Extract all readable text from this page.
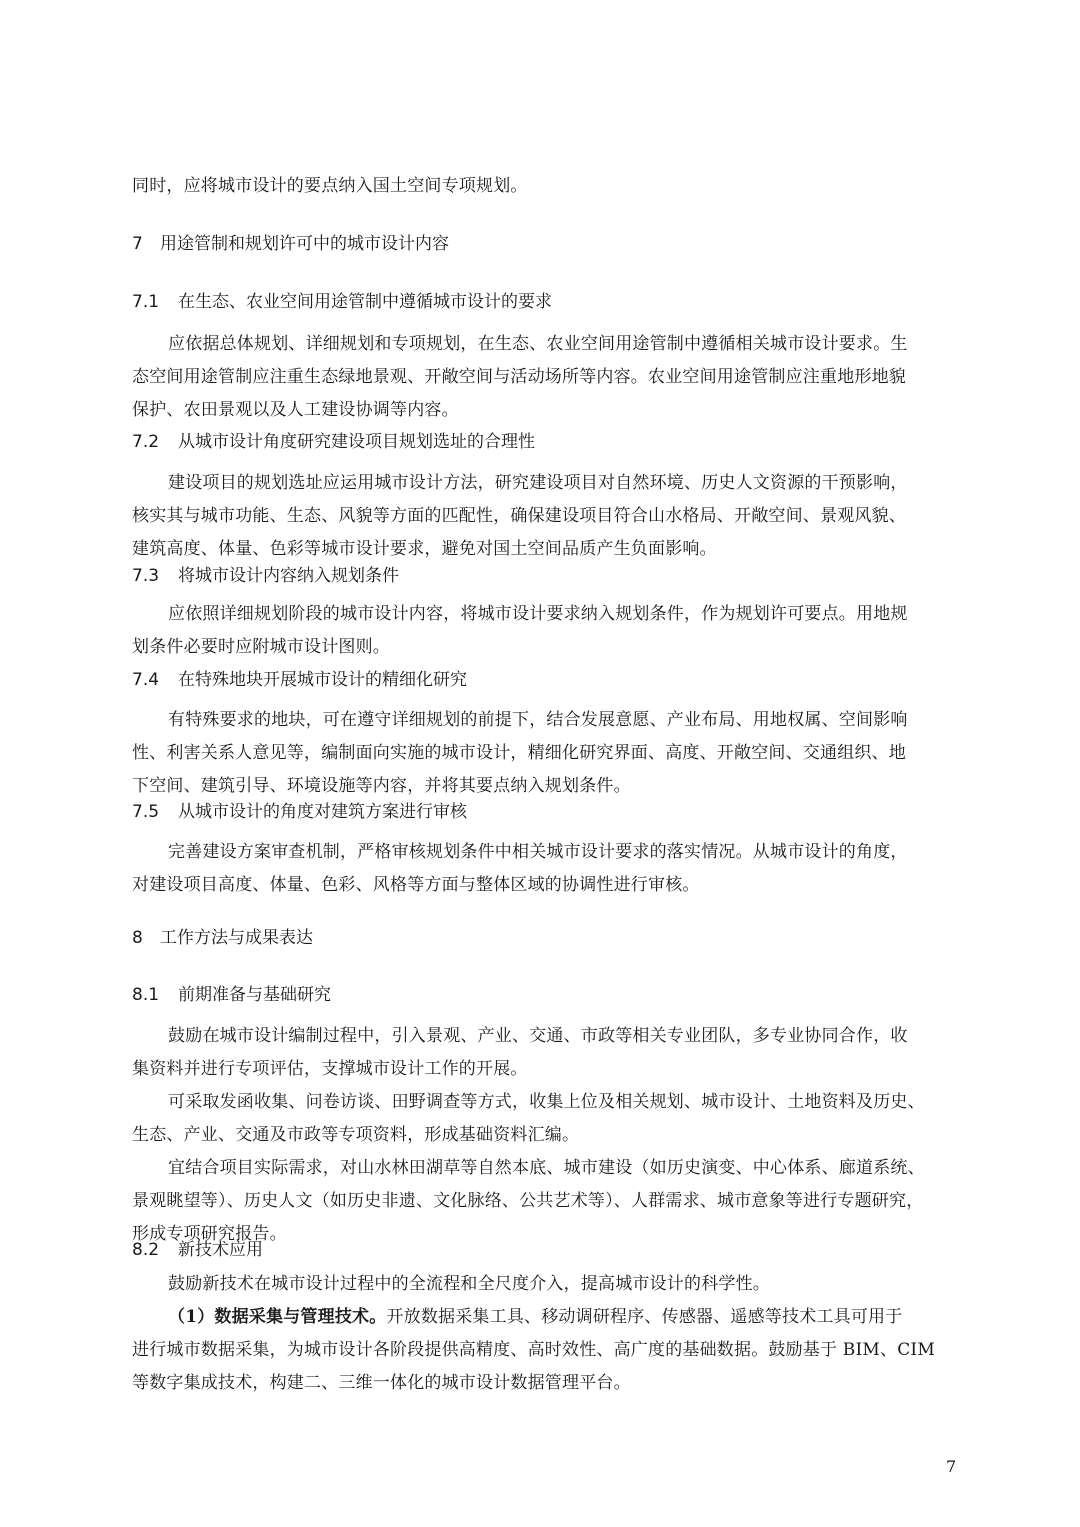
同时，应将城市设计的要点纳入国土空间专项规划。
7 用途管制和规划许可中的城市设计内容
7.1 在生态、农业空间用途管制中遵循城市设计的要求
应依据总体规划、详细规划和专项规划，在生态、农业空间用途管制中遵循相关城市设计要求。生
态空间用途管制应注重生态绿地景观、开敞空间与活动场所等内容。农业空间用途管制应注重地形地貌
保护、农田景观以及人工建设协调等内容。
7.2 从城市设计角度研究建设项目规划选址的合理性
建设项目的规划选址应运用城市设计方法，研究建设项目对自然环境、历史人文资源的干预影响，
核实其与城市功能、生态、风貌等方面的匹配性，确保建设项目符合山水格局、开敞空间、景观风貌、
建筑高度、体量、色彩等城市设计要求，避免对国土空间品质产生负面影响。
7.3 将城市设计内容纳入规划条件
应依照详细规划阶段的城市设计内容，将城市设计要求纳入规划条件，作为规划许可要点。用地规
划条件必要时应附城市设计图则。
7.4 在特殊地块开展城市设计的精细化研究
有特殊要求的地块，可在遵守详细规划的前提下，结合发展意愿、产业布局、用地权属、空间影响
性、利害关系人意见等，编制面向实施的城市设计，精细化研究界面、高度、开敞空间、交通组织、地
下空间、建筑引导、环境设施等内容，并将其要点纳入规划条件。
7.5 从城市设计的角度对建筑方案进行审核
完善建设方案审查机制，严格审核规划条件中相关城市设计要求的落实情况。从城市设计的角度，
对建设项目高度、体量、色彩、风格等方面与整体区域的协调性进行审核。
8 工作方法与成果表达
8.1 前期准备与基础研究
鼓励在城市设计编制过程中，引入景观、产业、交通、市政等相关专业团队，多专业协同合作，收
集资料并进行专项评估，支撑城市设计工作的开展。
可采取发函收集、问卷访谈、田野调查等方式，收集上位及相关规划、城市设计、土地资料及历史、
生态、产业、交通及市政等专项资料，形成基础资料汇编。
宜结合项目实际需求，对山水林田湖草等自然本底、城市建设（如历史演变、中心体系、廊道系统、
景观眺望等）、历史人文（如历史非遗、文化脉络、公共艺术等）、人群需求、城市意象等进行专题研究，
形成专项研究报告。
8.2 新技术应用
鼓励新技术在城市设计过程中的全流程和全尺度介入，提高城市设计的科学性。
（1）数据采集与管理技术。开放数据采集工具、移动调研程序、传感器、遥感等技术工具可用于
进行城市数据采集，为城市设计各阶段提供高精度、高时效性、高广度的基础数据。鼓励基于 BIM、CIM
等数字集成技术，构建二、三维一体化的城市设计数据管理平台。
7
